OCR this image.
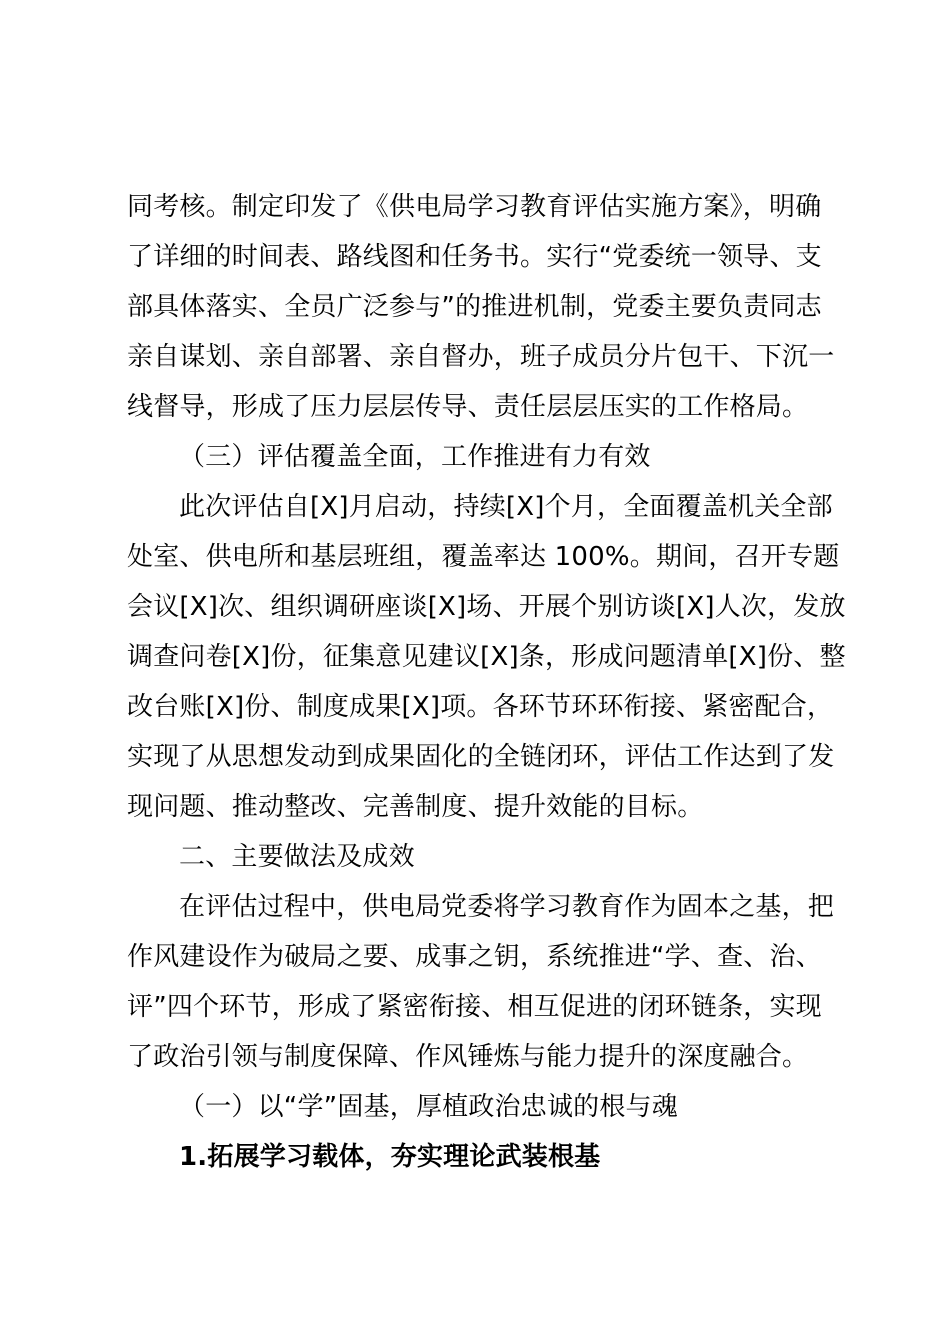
同考核。制定印发了《供电局学习教育评估实施方案》，明确
了详细的时间表、路线图和任务书。实行“党委统一领导、支
部具体落实、全员广泛参与”的推进机制，党委主要负责同志
亲自谋划、亲自部署、亲自督办，班子成员分片包干、下沉一
线督导，形成了压力层层传导、责任层层压实的工作格局。
（三）评估覆盖全面，工作推进有力有效
此次评估自[X]月启动，持续[X]个月，全面覆盖机关全部
处室、供电所和基层班组，覆盖率达 100%。期间，召开专题
会议[X]次、组织调研座谈[X]场、开展个别访谈[X]人次，发放
调查问卷[X]份，征集意见建议[X]条，形成问题清单[X]份、整
改台账[X]份、制度成果[X]项。各环节环环衔接、紧密配合，
实现了从思想发动到成果固化的全链闭环，评估工作达到了发
现问题、推动整改、完善制度、提升效能的目标。
二、主要做法及成效
在评估过程中，供电局党委将学习教育作为固本之基，把
作风建设作为破局之要、成事之钥，系统推进“学、查、治、
评”四个环节，形成了紧密衔接、相互促进的闭环链条，实现
了政治引领与制度保障、作风锤炼与能力提升的深度融合。
（一）以“学”固基，厚植政治忠诚的根与魂
1.拓展学习载体，夯实理论武装根基
